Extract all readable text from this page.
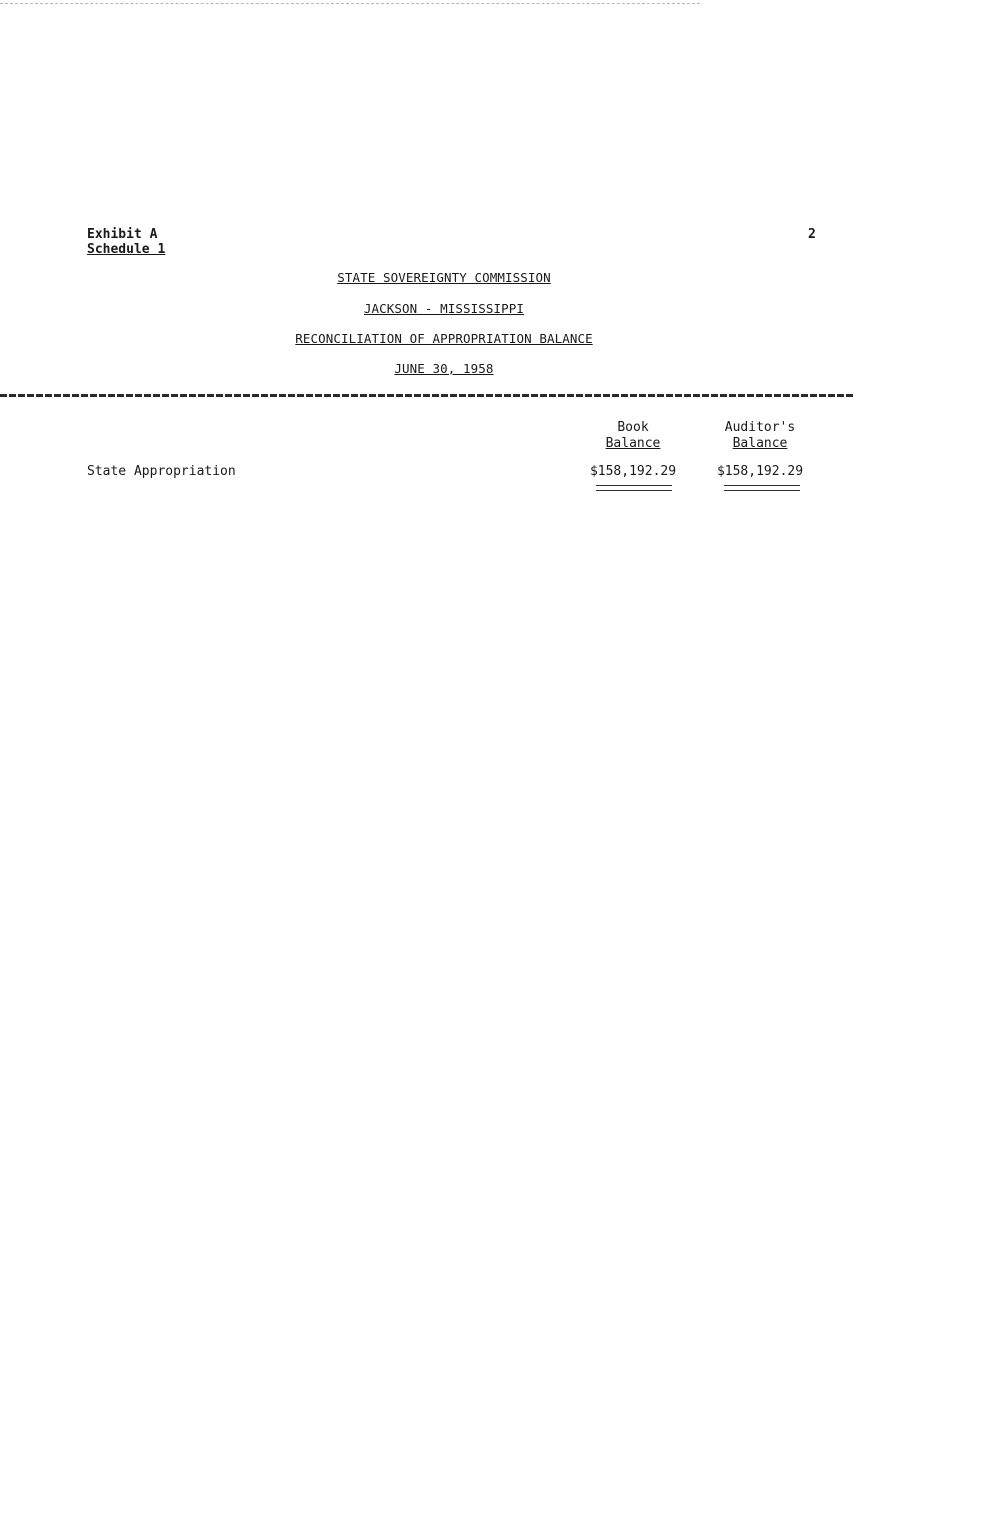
Exhibit A
Schedule 1
2
STATE SOVEREIGNTY COMMISSION
JACKSON - MISSISSIPPI
RECONCILIATION OF APPROPRIATION BALANCE
JUNE 30, 1958
Book
Balance
Auditor's
Balance
State Appropriation	$158,192.29	$158,192.29
